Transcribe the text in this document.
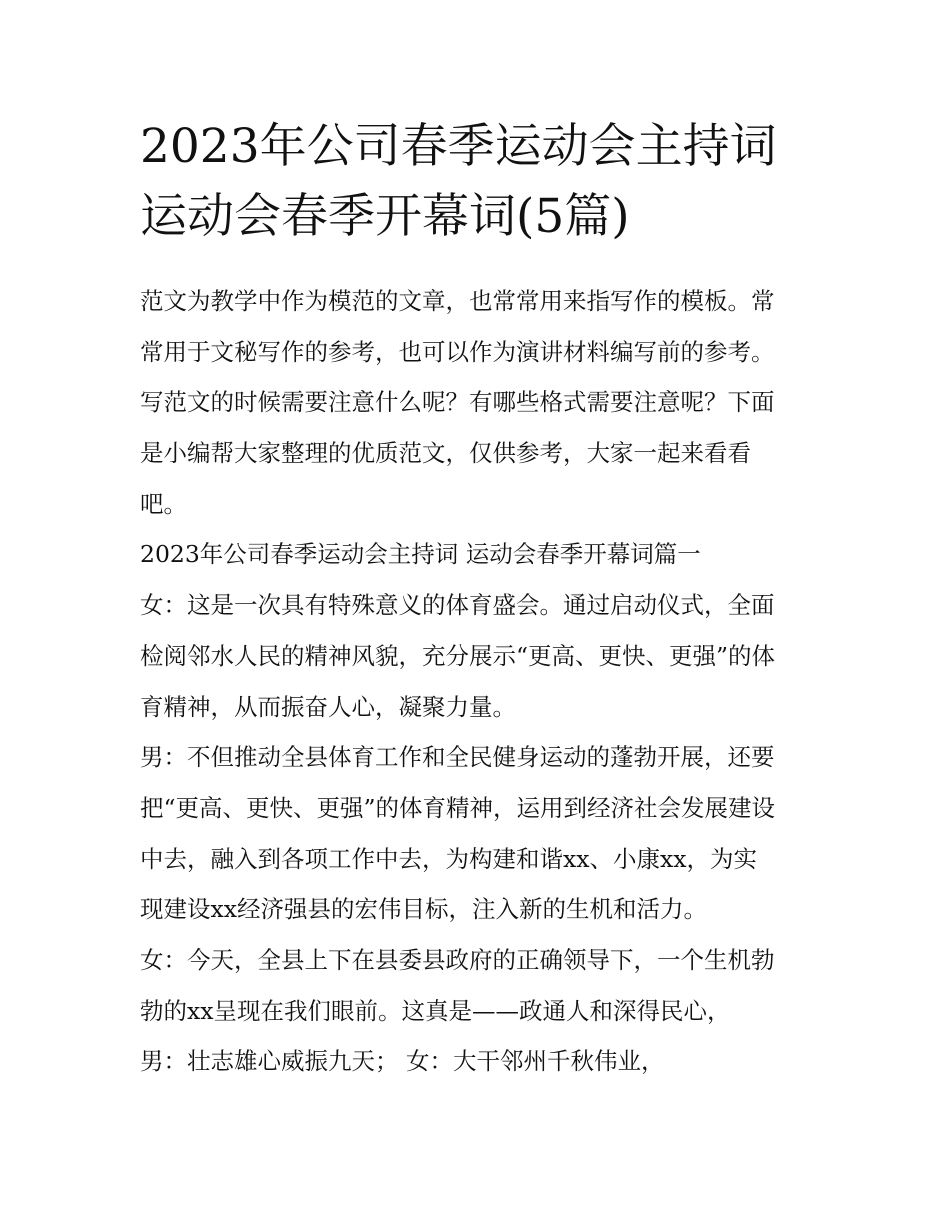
2023年公司春季运动会主持词
运动会春季开幕词(5篇)
范文为教学中作为模范的文章，也常常用来指写作的模板。常
常用于文秘写作的参考，也可以作为演讲材料编写前的参考。
写范文的时候需要注意什么呢？有哪些格式需要注意呢？下面
是小编帮大家整理的优质范文，仅供参考，大家一起来看看
吧。
2023年公司春季运动会主持词 运动会春季开幕词篇一
女：这是一次具有特殊意义的体育盛会。通过启动仪式，全面
检阅邻水人民的精神风貌，充分展示“更高、更快、更强”的体
育精神，从而振奋人心，凝聚力量。
男：不但推动全县体育工作和全民健身运动的蓬勃开展，还要
把“更高、更快、更强”的体育精神，运用到经济社会发展建设
中去，融入到各项工作中去，为构建和谐xx、小康xx，为实
现建设xx经济强县的宏伟目标，注入新的生机和活力。
女：今天，全县上下在县委县政府的正确领导下，一个生机勃
勃的xx呈现在我们眼前。这真是——政通人和深得民心，
男：壮志雄心威振九天； 女：大干邻州千秋伟业，
